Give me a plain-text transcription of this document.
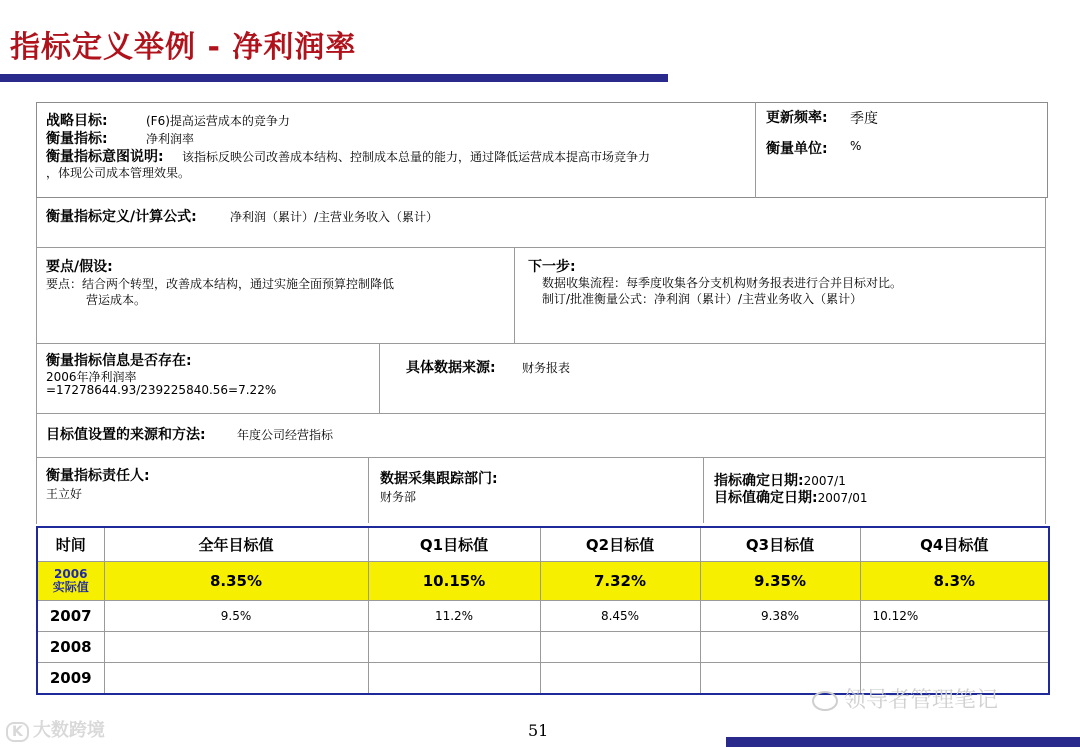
指标定义举例 - 净利润率
战略目标:	(F6)提高运营成本的竞争力
衡量指标:	净利润率
衡量指标意图说明: 该指标反映公司改善成本结构、控制成本总量的能力，通过降低运营成本提高市场竞争力
，体现公司成本管理效果。
更新频率: 季度
衡量单位: %
衡量指标定义/计算公式:	净利润（累计）/主营业务收入（累计）
要点/假设:
要点：结合两个转型，改善成本结构，通过实施全面预算控制降低
营运成本。
下一步:
数据收集流程：每季度收集各分支机构财务报表进行合并目标对比。
制订/批准衡量公式：净利润（累计）/主营业务收入（累计）
衡量指标信息是否存在:
2006年净利润率
=17278644.93/239225840.56=7.22%
具体数据来源: 财务报表
目标值设置的来源和方法:	年度公司经营指标
衡量指标责任人:
王立好
数据采集跟踪部门:
财务部
指标确定日期:2007/1
目标值确定日期:2007/01
时间	全年目标值	Q1目标值	Q2目标值	Q3目标值	Q4目标值

2006
实际值	8.35%	10.15%	7.32%	9.35%	8.3%
2007	9.5%	11.2%	8.45%	9.38%	10.12%
2008					
2009					
51
K 大数跨境
领导者管理笔记
